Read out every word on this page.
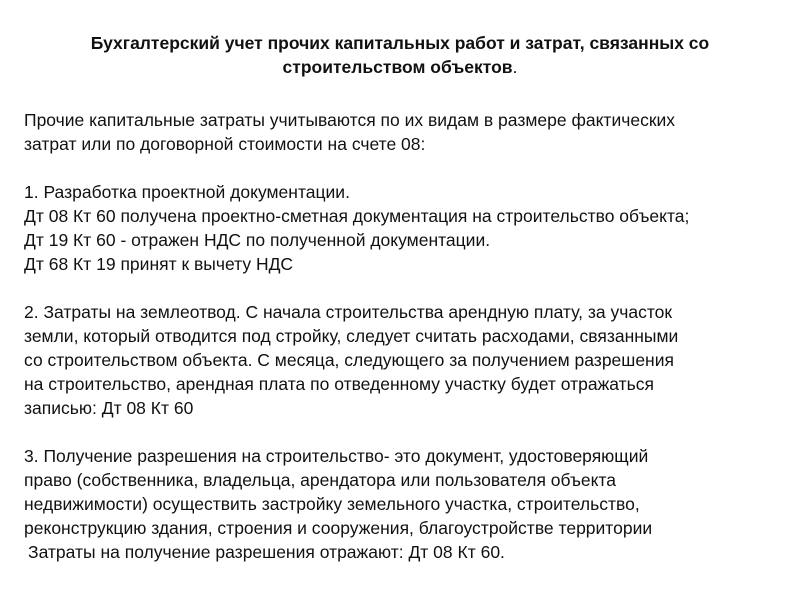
Бухгалтерский учет прочих капитальных работ и затрат, связанных со
строительством объектов.
Прочие капитальные затраты учитываются по их видам в размере фактических
затрат или по договорной стоимости на счете 08:
1. Разработка проектной документации.
Дт 08 Кт 60 получена проектно-сметная документация на строительство объекта;
Дт 19 Кт 60 - отражен НДС по полученной документации.
Дт 68 Кт 19 принят к вычету НДС
2. Затраты на землеотвод. С начала строительства арендную плату, за участок
земли, который отводится под стройку, следует считать расходами, связанными
со строительством объекта. С месяца, следующего за получением разрешения
на строительство, арендная плата по отведенному участку будет отражаться
записью: Дт 08 Кт 60
3. Получение разрешения на строительство- это документ, удостоверяющий
право (собственника, владельца, арендатора или пользователя объекта
недвижимости) осуществить застройку земельного участка, строительство,
реконструкцию здания, строения и сооружения, благоустройстве территории
Затраты на получение разрешения отражают: Дт 08 Кт 60.
